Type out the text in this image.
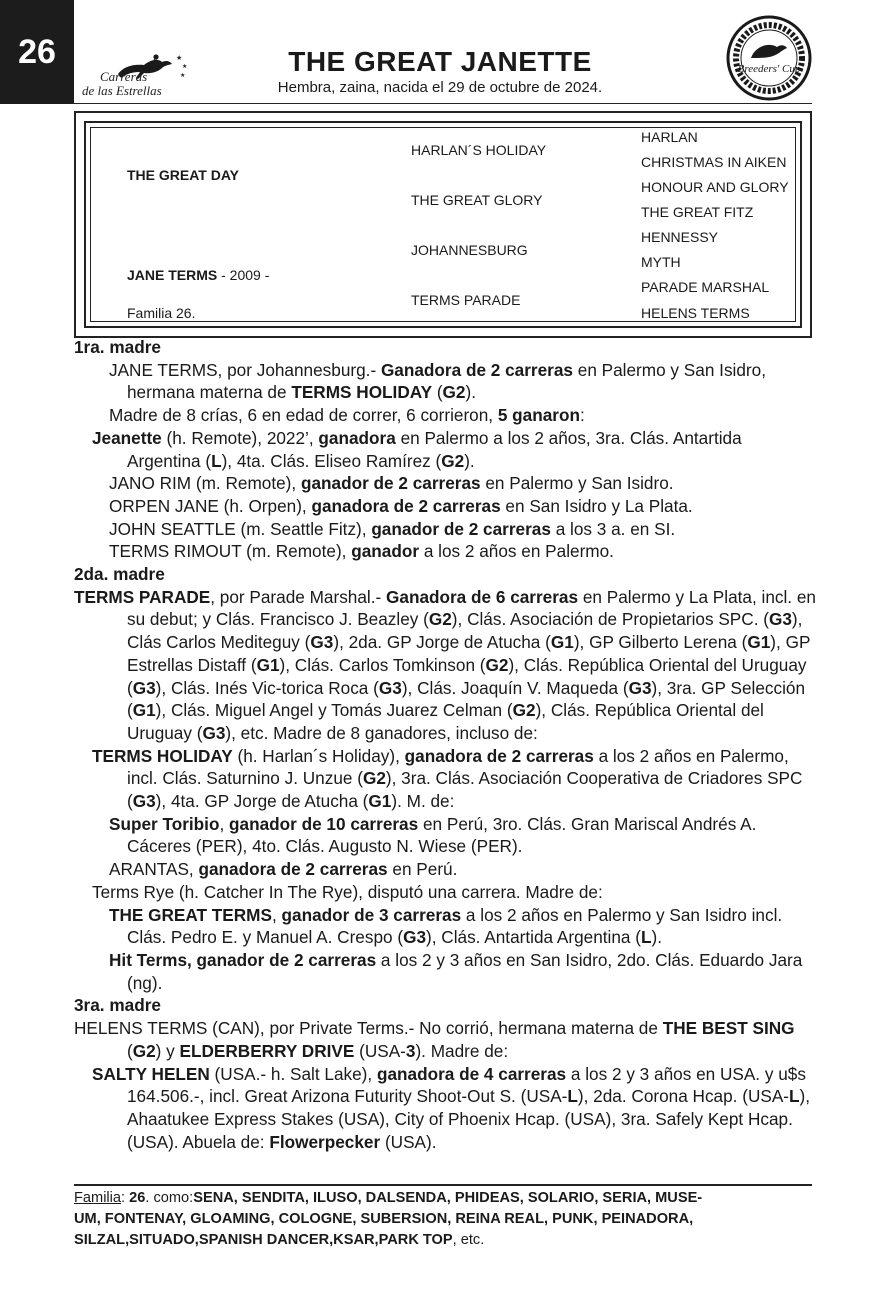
26	★
★
★
Carreras
de las Estrellas
Breeders' Cup
THE GREAT JANETTE
Hembra, zaina, nacida el 29 de octubre de 2024.
THE GREAT DAY
JANE TERMS - 2009 -
Familia 26.
HARLAN´S HOLIDAY
THE GREAT GLORY
JOHANNESBURG
TERMS PARADE
HARLAN
CHRISTMAS IN AIKEN
HONOUR AND GLORY
THE GREAT FITZ
HENNESSY
MYTH
PARADE MARSHAL
HELENS TERMS

1ra. madre

JANE TERMS, por Johannesburg.- Ganadora de 2 carreras en Palermo y San Isidro, hermana materna de TERMS HOLIDAY (G2).

Madre de 8 crías, 6 en edad de correr, 6 corrieron, 5 ganaron:

Jeanette (h. Remote), 2022’, ganadora en Palermo a los 2 años, 3ra. Clás. Antartida Argentina (L), 4ta. Clás. Eliseo Ramírez (G2).

JANO RIM (m. Remote), ganador de 2 carreras en Palermo y San Isidro.

ORPEN JANE (h. Orpen), ganadora de 2 carreras en San Isidro y La Plata.

JOHN SEATTLE (m. Seattle Fitz), ganador de 2 carreras a los 3 a. en SI.

TERMS RIMOUT (m. Remote), ganador a los 2 años en Palermo.

2da. madre

TERMS PARADE, por Parade Marshal.- Ganadora de 6 carreras en Palermo y La Plata, incl. en su debut; y Clás. Francisco J. Beazley (G2), Clás. Asociación de Propietarios SPC. (G3), Clás Carlos Mediteguy (G3), 2da. GP Jorge de Atucha (G1), GP Gilberto Lerena (G1), GP Estrellas Distaff (G1), Clás. Carlos Tomkinson (G2), Clás. República Oriental del Uruguay (G3), Clás. Inés Vic-torica Roca (G3), Clás. Joaquín V. Maqueda (G3), 3ra. GP Selección (G1), Clás. Miguel Angel y Tomás Juarez Celman (G2), Clás. República Oriental del Uruguay (G3), etc. Madre de 8 ganadores, incluso de:

TERMS HOLIDAY (h. Harlan´s Holiday), ganadora de 2 carreras a los 2 años en Palermo, incl. Clás. Saturnino J. Unzue (G2), 3ra. Clás. Asociación Cooperativa de Criadores SPC (G3), 4ta. GP Jorge de Atucha (G1). M. de:

Super Toribio, ganador de 10 carreras en Perú, 3ro. Clás. Gran Mariscal Andrés A. Cáceres (PER), 4to. Clás. Augusto N. Wiese (PER).

ARANTAS, ganadora de 2 carreras en Perú.

Terms Rye (h. Catcher In The Rye), disputó una carrera. Madre de:

THE GREAT TERMS, ganador de 3 carreras a los 2 años en Palermo y San Isidro incl. Clás. Pedro E. y Manuel A. Crespo (G3), Clás. Antartida Argentina (L).

Hit Terms, ganador de 2 carreras a los 2 y 3 años en San Isidro, 2do. Clás. Eduardo Jara (ng).

3ra. madre

HELENS TERMS (CAN), por Private Terms.- No corrió, hermana materna de THE BEST SING (G2) y ELDERBERRY DRIVE (USA-3). Madre de:

SALTY HELEN (USA.- h. Salt Lake), ganadora de 4 carreras a los 2 y 3 años en USA. y u$s 164.506.-, incl. Great Arizona Futurity Shoot-Out S. (USA-L), 2da. Corona Hcap. (USA-L), Ahaatukee Express Stakes (USA), City of Phoenix Hcap. (USA), 3ra. Safely Kept Hcap. (USA). Abuela de: Flowerpecker (USA).

Familia: 26. como:SENA, SENDITA, ILUSO, DALSENDA, PHIDEAS, SOLARIO, SERIA, MUSE-

UM, FONTENAY, GLOAMING, COLOGNE, SUBERSION, REINA REAL, PUNK, PEINADORA,

SILZAL,SITUADO,SPANISH DANCER,KSAR,PARK TOP, etc.
